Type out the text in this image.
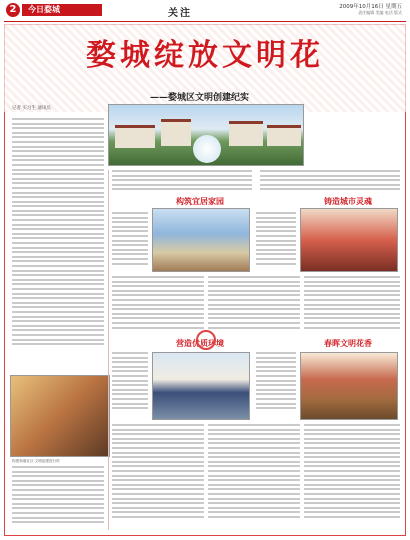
2	今日婺城	关注
2009年10月16日 星期五
责任编辑 美编 电话 版式
婺城绽放文明花
——婺城区文明创建纪实
记者 实习生 通讯员
构建和谐社区 文明创建进行时
构筑宜居家园	铸造城市灵魂
营造优质环境	春晖文明花香
